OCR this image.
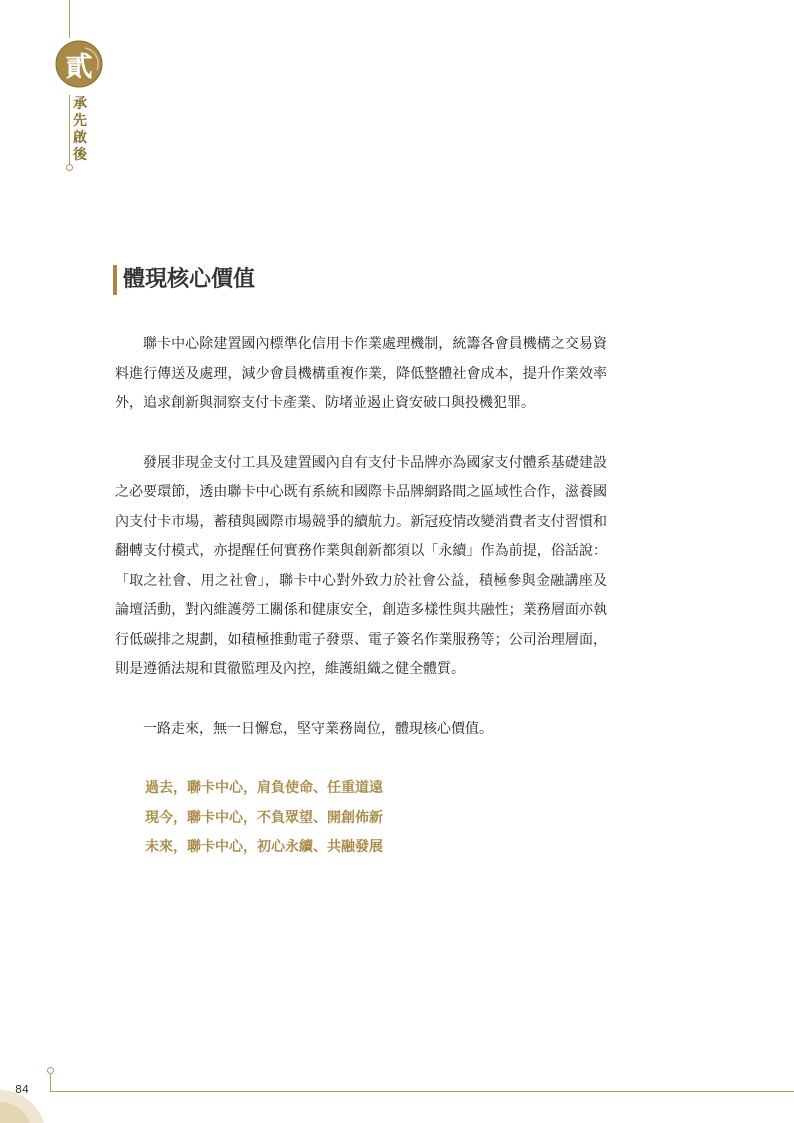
貳
承先啟後
體現核心價值

聯卡中心除建置國內標準化信用卡作業處理機制，統籌各會員機構之交易資料進行傳送及處理，減少會員機構重複作業，降低整體社會成本，提升作業效率外，追求創新與洞察支付卡產業、防堵並遏止資安破口與投機犯罪。

發展非現金支付工具及建置國內自有支付卡品牌亦為國家支付體系基礎建設之必要環節，透由聯卡中心既有系統和國際卡品牌網路間之區域性合作，滋養國內支付卡市場，蓄積與國際市場競爭的續航力。新冠疫情改變消費者支付習慣和翻轉支付模式，亦提醒任何實務作業與創新都須以「永續」作為前提，俗話說：「取之社會、用之社會」，聯卡中心對外致力於社會公益，積極參與金融講座及論壇活動，對內維護勞工關係和健康安全，創造多樣性與共融性；業務層面亦執行低碳排之規劃，如積極推動電子發票、電子簽名作業服務等；公司治理層面，則是遵循法規和貫徹監理及內控，維護組織之健全體質。

一路走來，無一日懈怠，堅守業務崗位，體現核心價值。

過去，聯卡中心，肩負使命、任重道遠

現今，聯卡中心，不負眾望、開創佈新

未來，聯卡中心，初心永續、共融發展

84
